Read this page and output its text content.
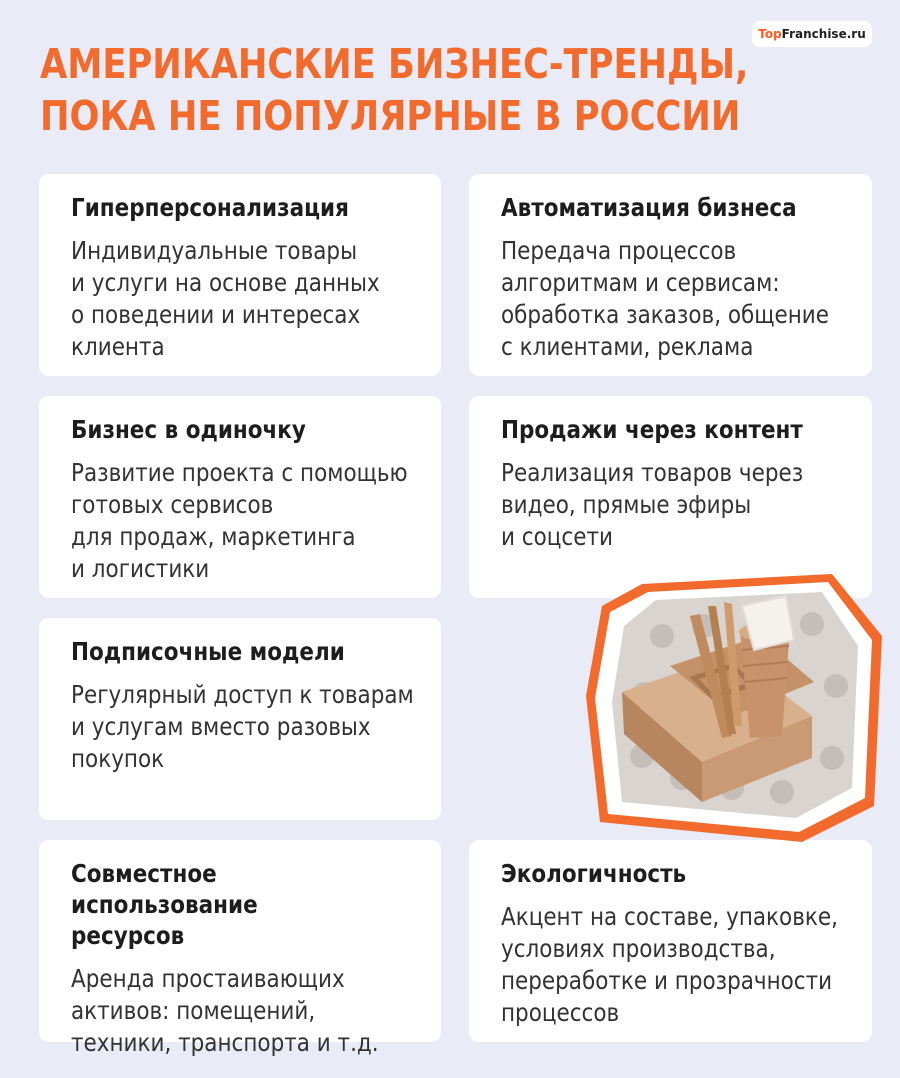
TopFranchise.ru
АМЕРИКАНСКИЕ БИЗНЕС-ТРЕНДЫ,
ПОКА НЕ ПОПУЛЯРНЫЕ В РОССИИ
Гиперперсонализация

Индивидуальные товары
и услуги на основе данных
о поведении и интересах
клиента

Автоматизация бизнеса

Передача процессов
алгоритмам и сервисам:
обработка заказов, общение
с клиентами, реклама

Бизнес в одиночку

Развитие проекта с помощью
готовых сервисов
для продаж, маркетинга
и логистики

Продажи через контент

Реализация товаров через
видео, прямые эфиры
и соцсети

Подписочные модели

Регулярный доступ к товарам
и услугам вместо разовых
покупок

Совместное использование
ресурсов

Аренда простаивающих
активов: помещений,
техники, транспорта и т.д.

Экологичность

Акцент на составе, упаковке,
условиях производства,
переработке и прозрачности
процессов
